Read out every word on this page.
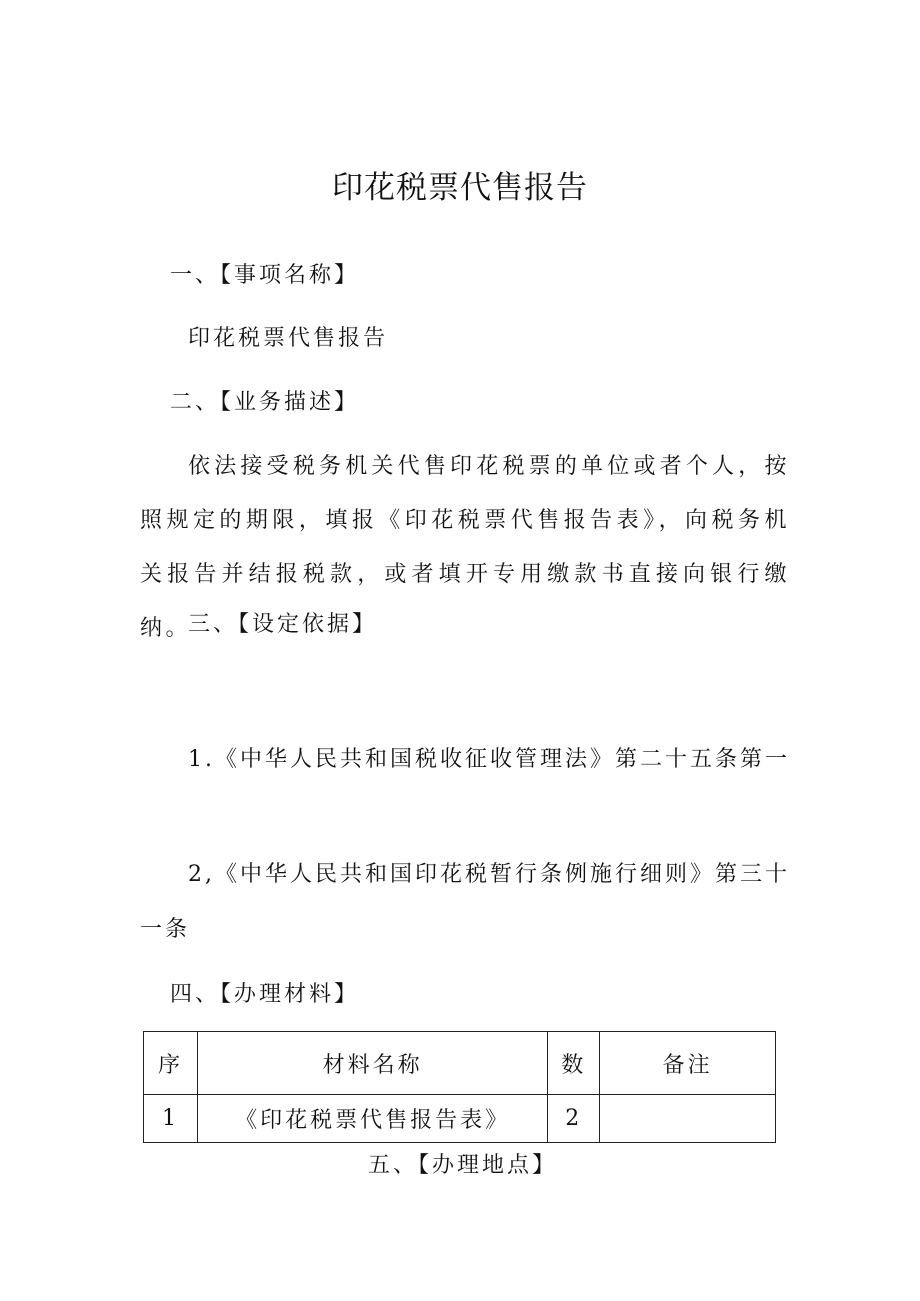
印花税票代售报告
一、【事项名称】
印花税票代售报告
二、【业务描述】
依法接受税务机关代售印花税票的单位或者个人，按照规定的期限，填报《印花税票代售报告表》，向税务机关报告并结报税款，或者填开专用缴款书直接向银行缴纳。
三、【设定依据】
1.《中华人民共和国税收征收管理法》第二十五条第一
2,《中华人民共和国印花税暂行条例施行细则》第三十
一条
四、【办理材料】
序	材料名称	数	备注
1	《印花税票代售报告表》	2	
五、【办理地点】
